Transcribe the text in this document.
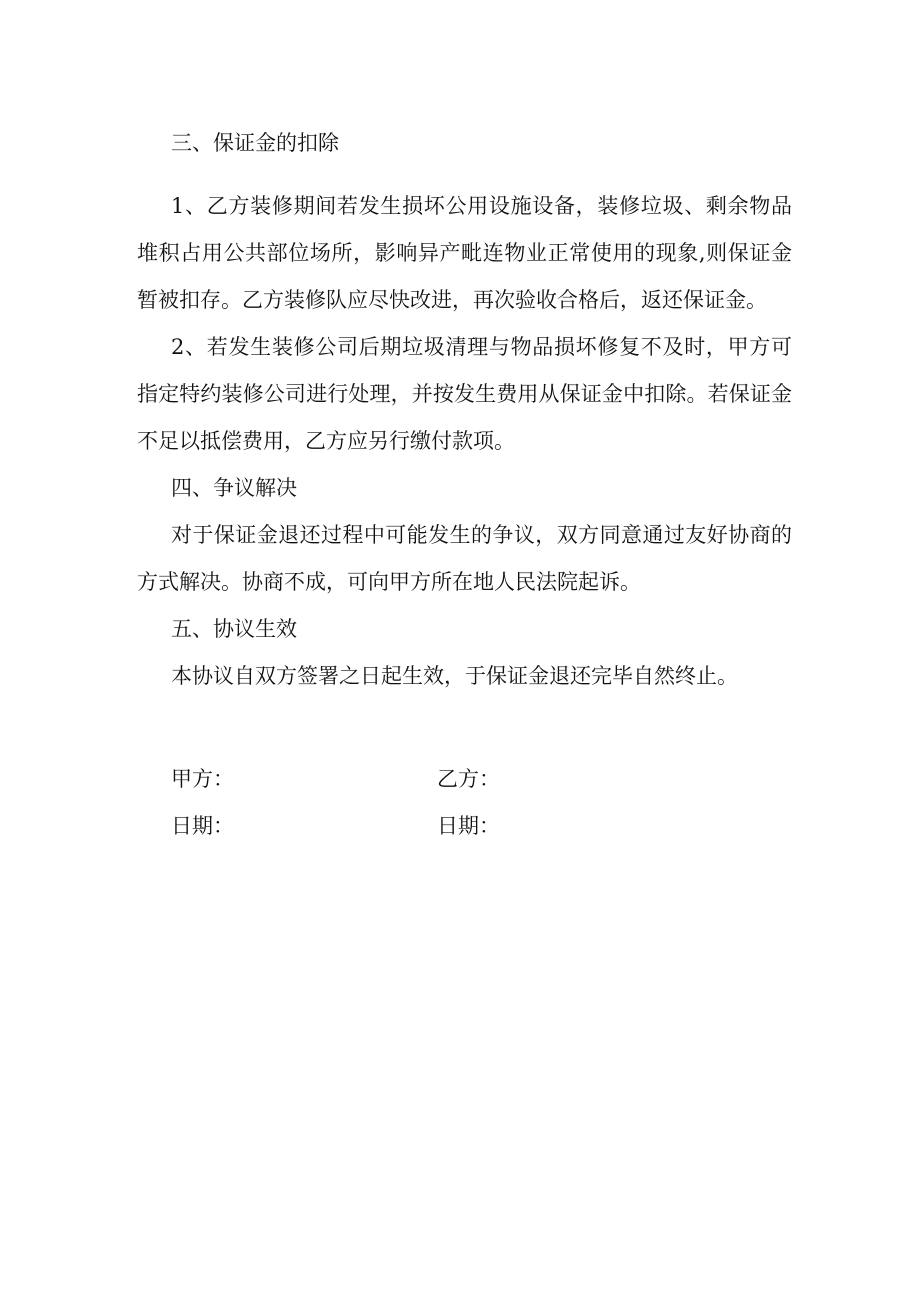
三、保证金的扣除

1、乙方装修期间若发生损坏公用设施设备，装修垃圾、剩余物品堆积占用公共部位场所，影响异产毗连物业正常使用的现象,则保证金暂被扣存。乙方装修队应尽快改进，再次验收合格后，返还保证金。

2、若发生装修公司后期垃圾清理与物品损坏修复不及时，甲方可指定特约装修公司进行处理，并按发生费用从保证金中扣除。若保证金不足以抵偿费用，乙方应另行缴付款项。

四、争议解决

对于保证金退还过程中可能发生的争议，双方同意通过友好协商的方式解决。协商不成，可向甲方所在地人民法院起诉。

五、协议生效

本协议自双方签署之日起生效，于保证金退还完毕自然终止。

甲方：	乙方：
日期：	日期：
